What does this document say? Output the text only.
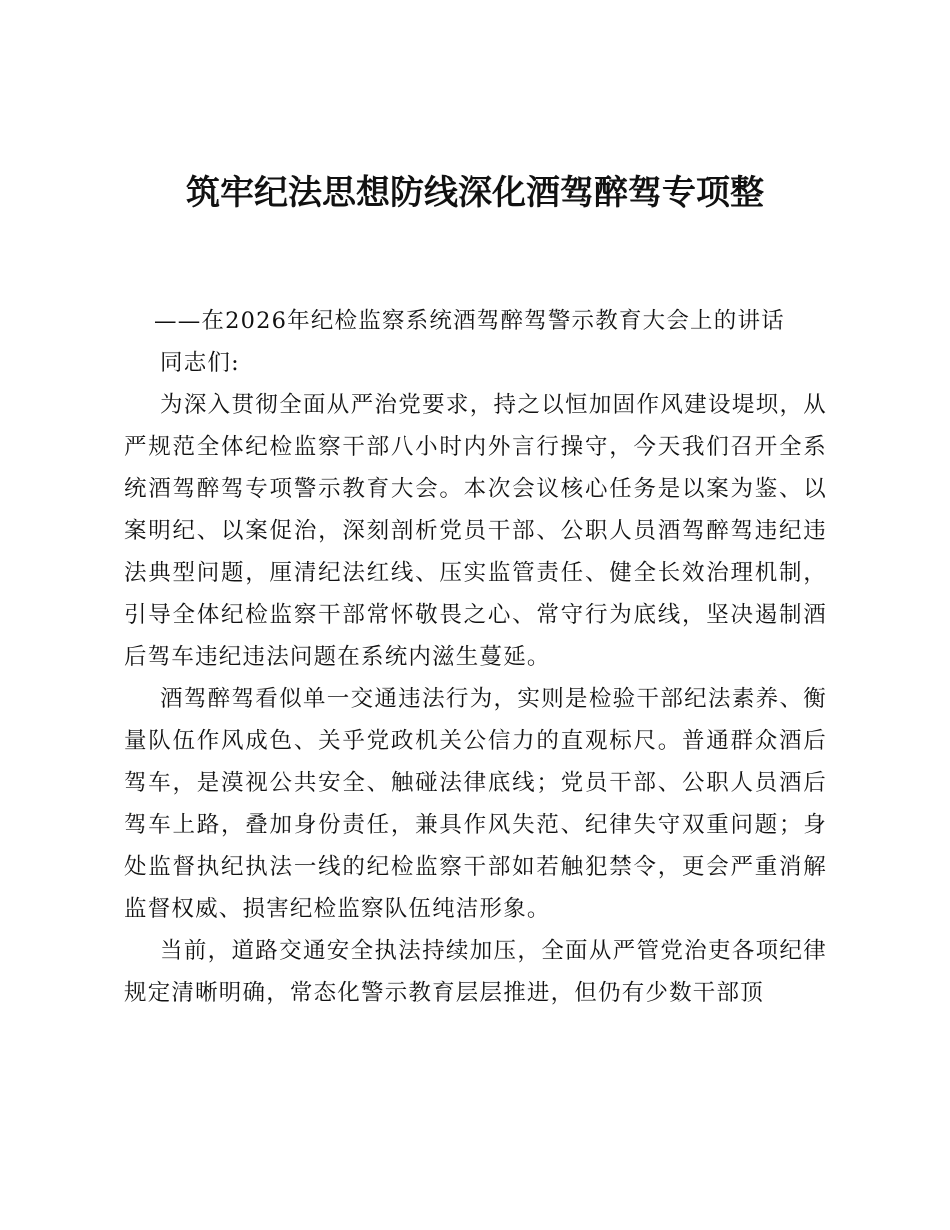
筑牢纪法思想防线深化酒驾醉驾专项整

——在2026年纪检监察系统酒驾醉驾警示教育大会上的讲话

同志们:

为深入贯彻全面从严治党要求，持之以恒加固作风建设堤坝，从严规范全体纪检监察干部八小时内外言行操守，今天我们召开全系统酒驾醉驾专项警示教育大会。本次会议核心任务是以案为鉴、以案明纪、以案促治，深刻剖析党员干部、公职人员酒驾醉驾违纪违法典型问题，厘清纪法红线、压实监管责任、健全长效治理机制，引导全体纪检监察干部常怀敬畏之心、常守行为底线，坚决遏制酒后驾车违纪违法问题在系统内滋生蔓延。

酒驾醉驾看似单一交通违法行为，实则是检验干部纪法素养、衡量队伍作风成色、关乎党政机关公信力的直观标尺。普通群众酒后驾车，是漠视公共安全、触碰法律底线；党员干部、公职人员酒后驾车上路，叠加身份责任，兼具作风失范、纪律失守双重问题；身处监督执纪执法一线的纪检监察干部如若触犯禁令，更会严重消解监督权威、损害纪检监察队伍纯洁形象。

当前，道路交通安全执法持续加压，全面从严管党治吏各项纪律规定清晰明确，常态化警示教育层层推进，但仍有少数干部顶
